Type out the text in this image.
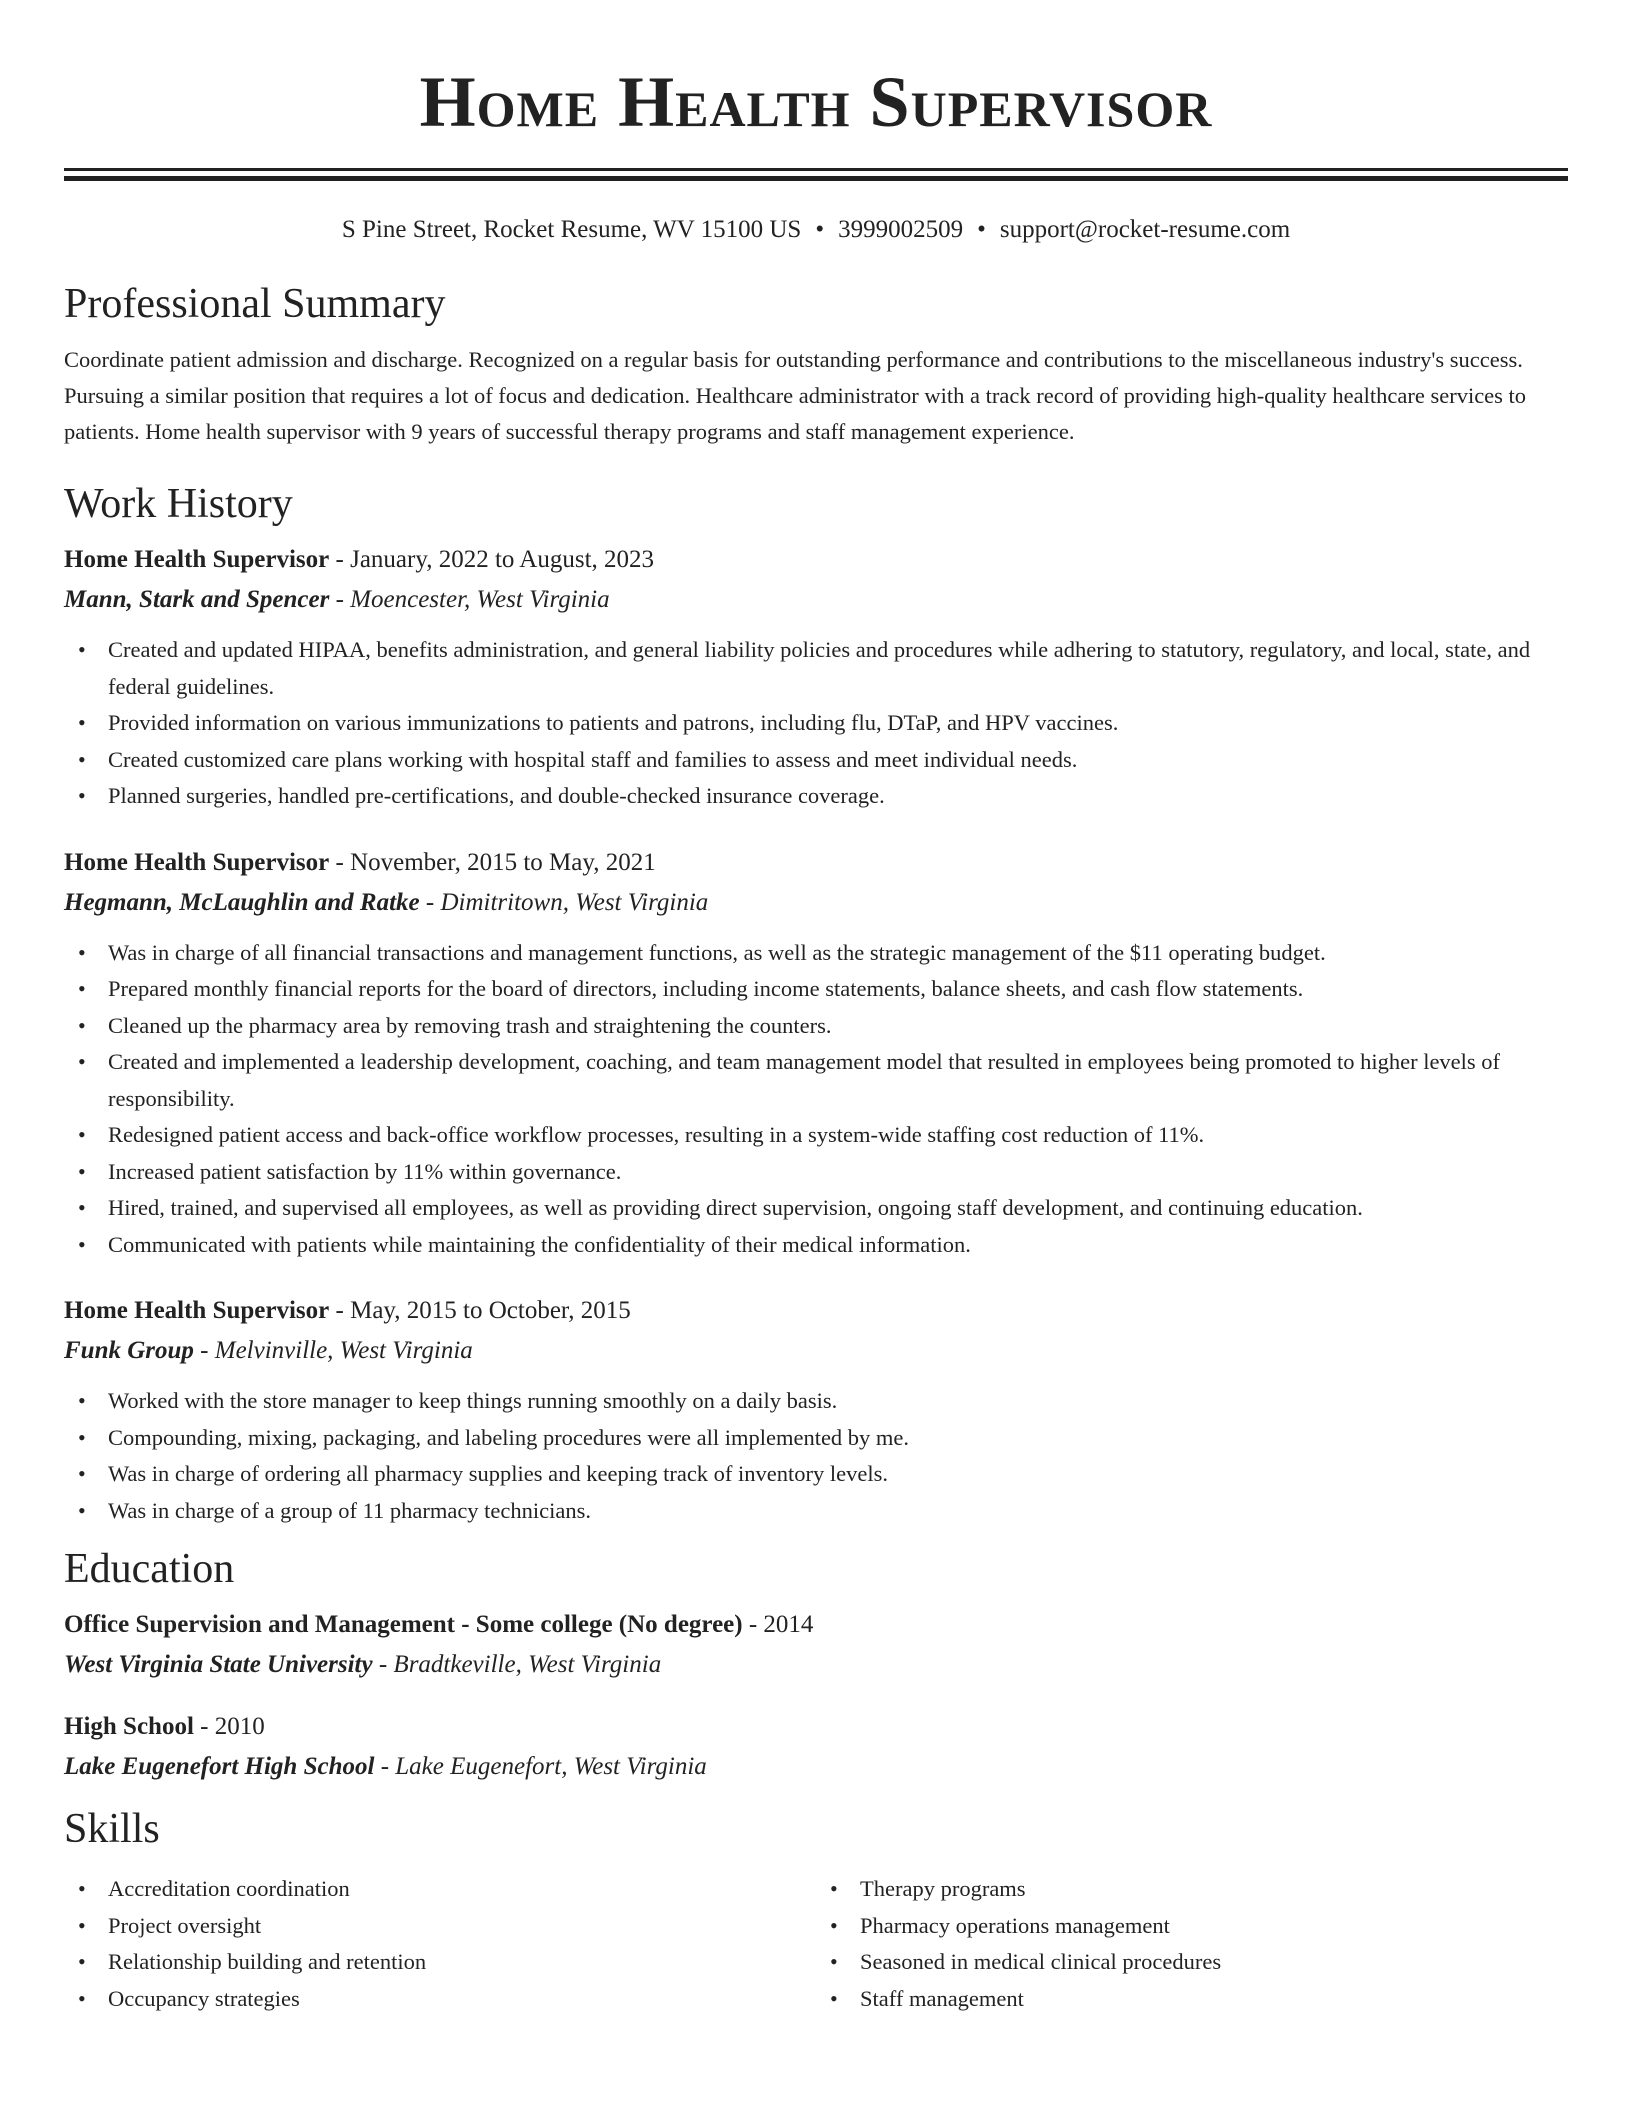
Home Health Supervisor
S Pine Street, Rocket Resume, WV 15100 US • 3999002509 • support@rocket-resume.com
Professional Summary

Coordinate patient admission and discharge. Recognized on a regular basis for outstanding performance and contributions to the miscellaneous industry's success. Pursuing a similar position that requires a lot of focus and dedication. Healthcare administrator with a track record of providing high-quality healthcare services to patients. Home health supervisor with 9 years of successful therapy programs and staff management experience.

Work History
Home Health Supervisor - January, 2022 to August, 2023
Mann, Stark and Spencer - Moencester, West Virginia
• Created and updated HIPAA, benefits administration, and general liability policies and procedures while adhering to statutory, regulatory, and local, state, and federal guidelines.
• Provided information on various immunizations to patients and patrons, including flu, DTaP, and HPV vaccines.
• Created customized care plans working with hospital staff and families to assess and meet individual needs.
• Planned surgeries, handled pre-certifications, and double-checked insurance coverage.
Home Health Supervisor - November, 2015 to May, 2021
Hegmann, McLaughlin and Ratke - Dimitritown, West Virginia
• Was in charge of all financial transactions and management functions, as well as the strategic management of the $11 operating budget.
• Prepared monthly financial reports for the board of directors, including income statements, balance sheets, and cash flow statements.
• Cleaned up the pharmacy area by removing trash and straightening the counters.
• Created and implemented a leadership development, coaching, and team management model that resulted in employees being promoted to higher levels of responsibility.
• Redesigned patient access and back-office workflow processes, resulting in a system-wide staffing cost reduction of 11%.
• Increased patient satisfaction by 11% within governance.
• Hired, trained, and supervised all employees, as well as providing direct supervision, ongoing staff development, and continuing education.
• Communicated with patients while maintaining the confidentiality of their medical information.
Home Health Supervisor - May, 2015 to October, 2015
Funk Group - Melvinville, West Virginia
• Worked with the store manager to keep things running smoothly on a daily basis.
• Compounding, mixing, packaging, and labeling procedures were all implemented by me.
• Was in charge of ordering all pharmacy supplies and keeping track of inventory levels.
• Was in charge of a group of 11 pharmacy technicians.
Education
Office Supervision and Management - Some college (No degree) - 2014
West Virginia State University - Bradtkeville, West Virginia
High School - 2010
Lake Eugenefort High School - Lake Eugenefort, West Virginia
Skills
• Accreditation coordination
• Project oversight
• Relationship building and retention
• Occupancy strategies
• Therapy programs
• Pharmacy operations management
• Seasoned in medical clinical procedures
• Staff management
